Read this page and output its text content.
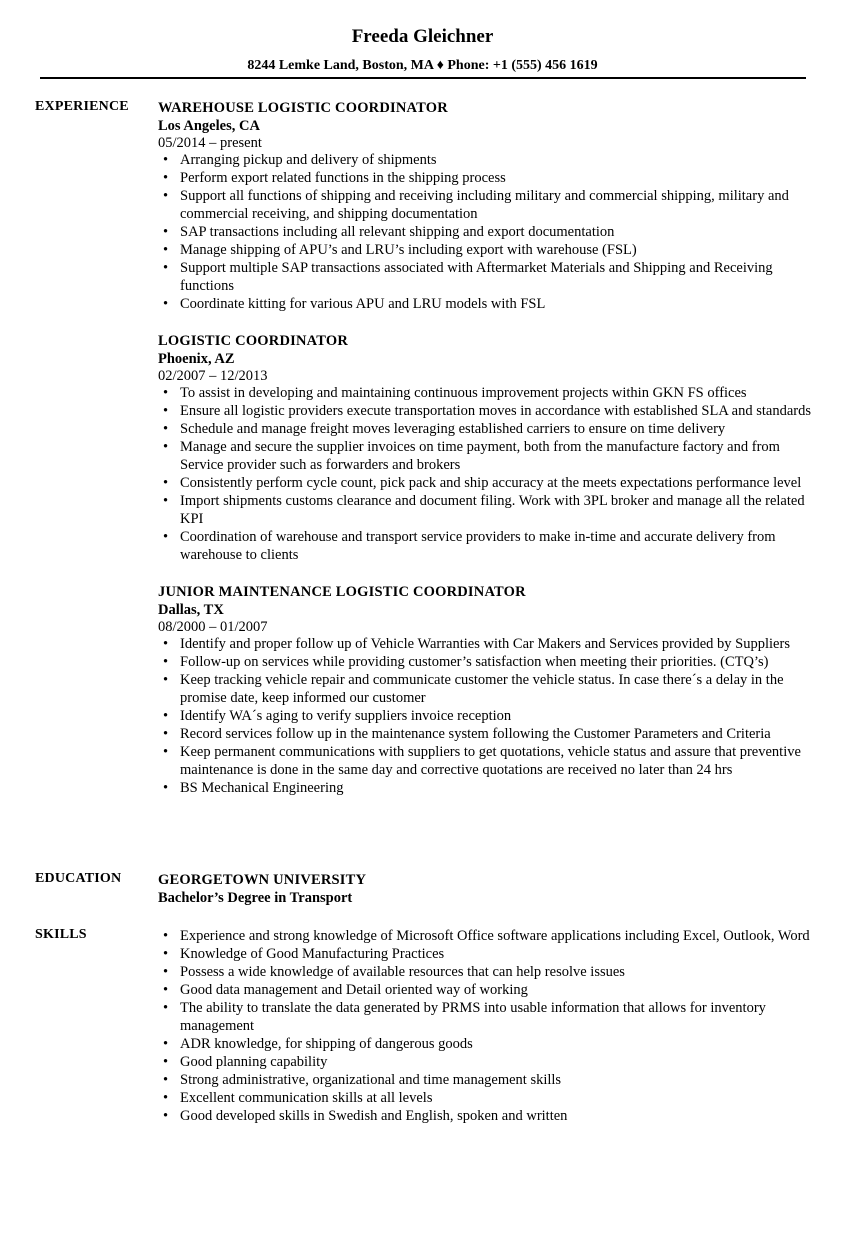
Freeda Gleichner
8244 Lemke Land, Boston, MA ♦ Phone: +1 (555) 456 1619
EXPERIENCE WAREHOUSE LOGISTIC COORDINATOR
Los Angeles, CA
05/2014 – present
• Arranging pickup and delivery of shipments
• Perform export related functions in the shipping process
• Support all functions of shipping and receiving including military and commercial shipping, military and commercial receiving, and shipping documentation
• SAP transactions including all relevant shipping and export documentation
• Manage shipping of APU’s and LRU’s including export with warehouse (FSL)
• Support multiple SAP transactions associated with Aftermarket Materials and Shipping and Receiving functions
• Coordinate kitting for various APU and LRU models with FSL
LOGISTIC COORDINATOR
Phoenix, AZ
02/2007 – 12/2013
• To assist in developing and maintaining continuous improvement projects within GKN FS offices
• Ensure all logistic providers execute transportation moves in accordance with established SLA and standards
• Schedule and manage freight moves leveraging established carriers to ensure on time delivery
• Manage and secure the supplier invoices on time payment, both from the manufacture factory and from Service provider such as forwarders and brokers
• Consistently perform cycle count, pick pack and ship accuracy at the meets expectations performance level
• Import shipments customs clearance and document filing. Work with 3PL broker and manage all the related KPI
• Coordination of warehouse and transport service providers to make in-time and accurate delivery from warehouse to clients
JUNIOR MAINTENANCE LOGISTIC COORDINATOR
Dallas, TX
08/2000 – 01/2007
• Identify and proper follow up of Vehicle Warranties with Car Makers and Services provided by Suppliers
• Follow-up on services while providing customer’s satisfaction when meeting their priorities. (CTQ’s)
• Keep tracking vehicle repair and communicate customer the vehicle status. In case there´s a delay in the promise date, keep informed our customer
• Identify WA´s aging to verify suppliers invoice reception
• Record services follow up in the maintenance system following the Customer Parameters and Criteria
• Keep permanent communications with suppliers to get quotations, vehicle status and assure that preventive maintenance is done in the same day and corrective quotations are received no later than 24 hrs
• BS Mechanical Engineering
EDUCATION	GEORGETOWN UNIVERSITY
Bachelor’s Degree in Transport
SKILLS
•	Experience and strong knowledge of Microsoft Office software applications including Excel, Outlook, Word
• Knowledge of Good Manufacturing Practices
• Possess a wide knowledge of available resources that can help resolve issues
• Good data management and Detail oriented way of working
• The ability to translate the data generated by PRMS into usable information that allows for inventory management
• ADR knowledge, for shipping of dangerous goods
• Good planning capability
• Strong administrative, organizational and time management skills
• Excellent communication skills at all levels
• Good developed skills in Swedish and English, spoken and written
